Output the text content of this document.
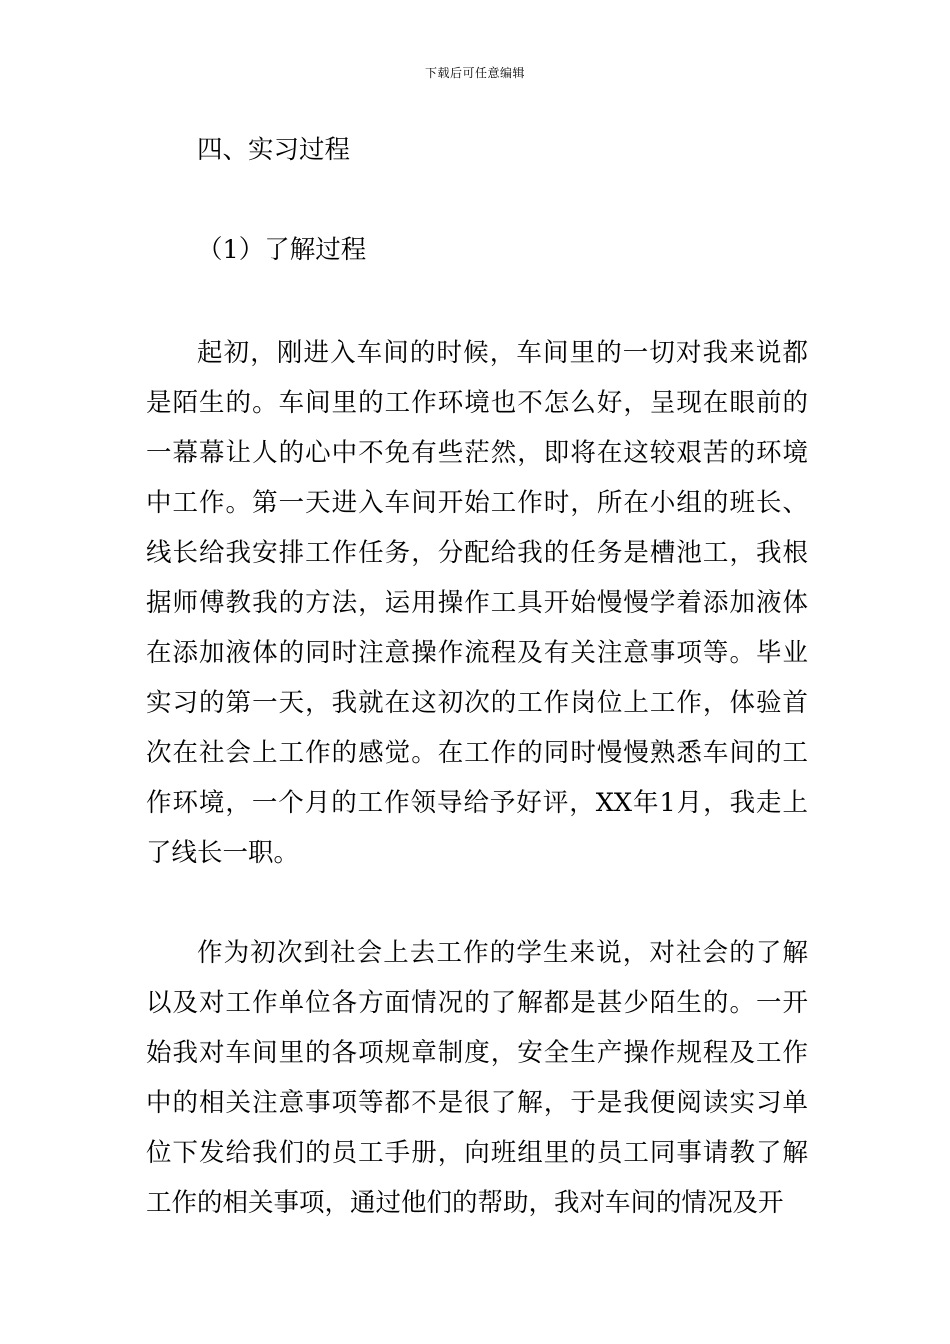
下载后可任意编辑
四、实习过程
（1）了解过程

起初，刚进入车间的时候，车间里的一切对我来说都是陌生的。车间里的工作环境也不怎么好，呈现在眼前的一幕幕让人的心中不免有些茫然，即将在这较艰苦的环境中工作。第一天进入车间开始工作时，所在小组的班长、线长给我安排工作任务，分配给我的任务是槽池工，我根据师傅教我的方法，运用操作工具开始慢慢学着添加液体在添加液体的同时注意操作流程及有关注意事项等。毕业实习的第一天，我就在这初次的工作岗位上工作，体验首次在社会上工作的感觉。在工作的同时慢慢熟悉车间的工作环境，一个月的工作领导给予好评，XX年1月，我走上了线长一职。

作为初次到社会上去工作的学生来说，对社会的了解以及对工作单位各方面情况的了解都是甚少陌生的。一开始我对车间里的各项规章制度，安全生产操作规程及工作中的相关注意事项等都不是很了解，于是我便阅读实习单位下发给我们的员工手册，向班组里的员工同事请教了解工作的相关事项，通过他们的帮助，我对车间的情况及开
